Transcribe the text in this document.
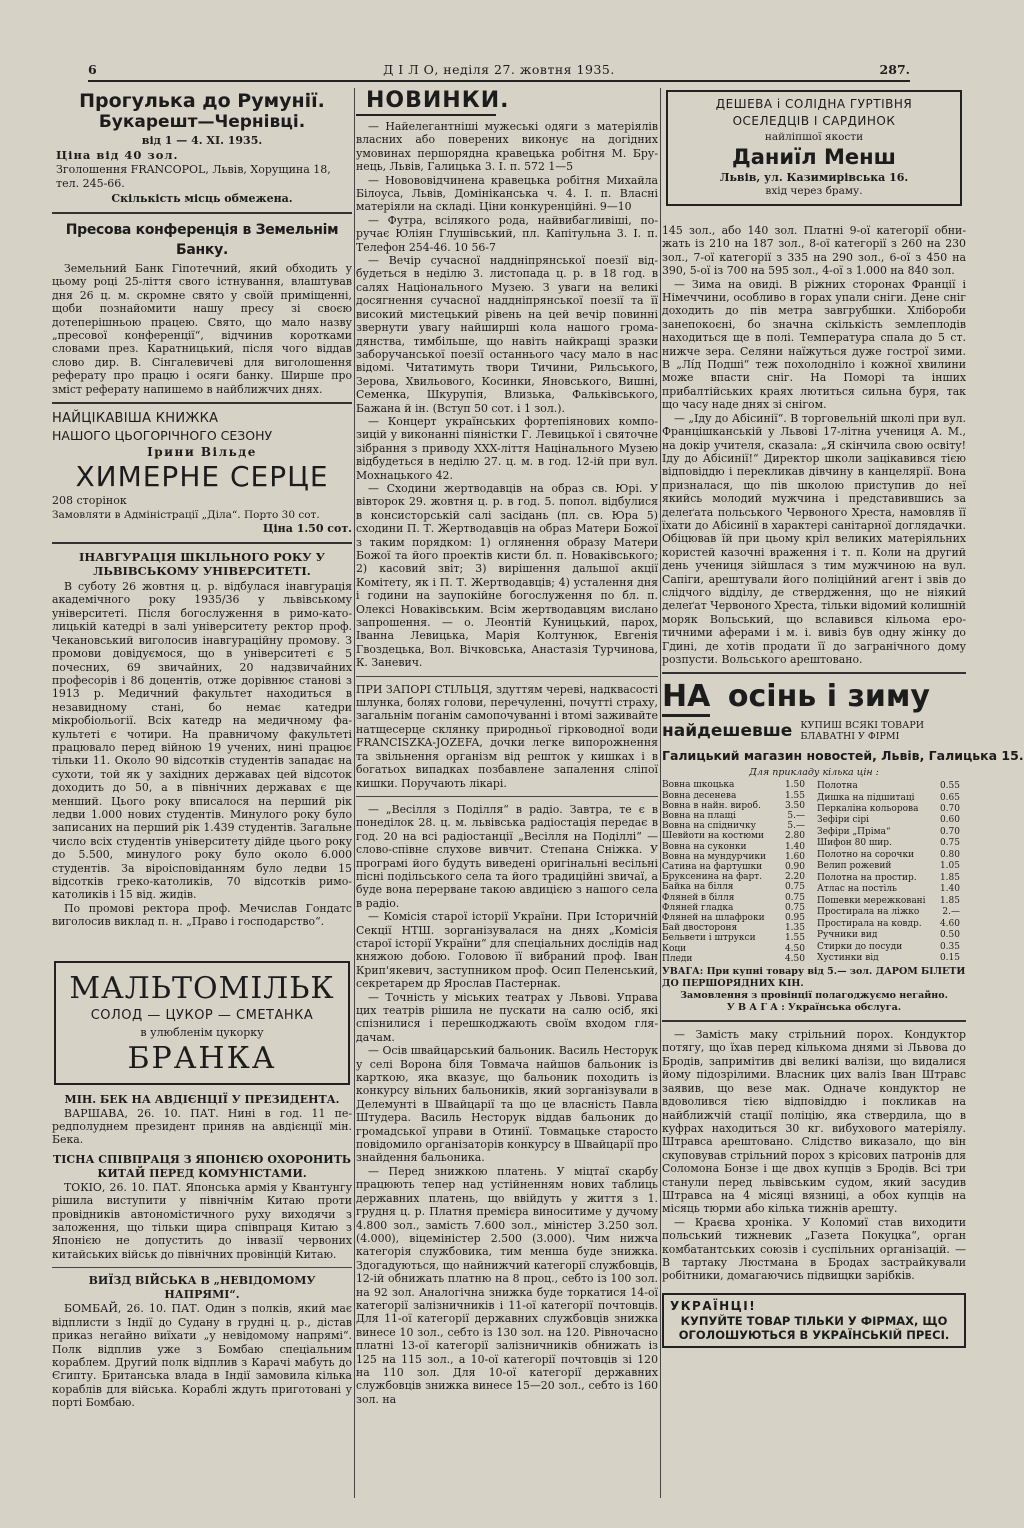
6	Д І Л О, неділя 27. жовтня 1935.	287.
Прогулька до Румунії.
Букарешт—Чернівці.
від 1 — 4. XI. 1935.
Ціна від 40 зол.
Зголошення FRANCOPOL, Львів, Хорущина 18, тел. 245-66.
Скількість місць обмежена.
Пресова конференція в Земельнім Банку.

Земельний Банк Гіпотечний, який обходить у цьому році 25-ліття свого істнування, влаштував дня 26 ц. м. скромне свято у своїй приміщенні, щоби познайомити нашу пресу зі своєю дотеперішньою працею. Свято, що мало назву „пресової конференції“, відчинив коротками словами през. Каратницький, після чого віддав слово дир. В. Сінгалевичеві для виголошення реферату про працю і осяги банку. Ширше про зміст реферату напишемо в найближчих днях.

НАЙЦІКАВІША КНИЖКА
НАШОГО ЦЬОГОРІЧНОГО СЕЗОНУ
Ірини Вільде
ХИМЕРНЕ СЕРЦЕ
208 сторінок
Замовляти в Адміністрації „Діла“. Порто 30 сот.
Ціна 1.50 сот.
ІНАВГУРАЦІЯ ШКІЛЬНОГО РОКУ У ЛЬВІВСЬКОМУ УНІВЕРСИТЕТІ.

В суботу 26 жовтня ц. р. відбулася інавгурація академічного року 1935/36 у львівському університеті. Після богослуження в римо-католицькій катедрі в залі університету ректор проф. Чекановський виголосив інавгураційну промову. З промови довідуємося, що в університеті є 5 почесних, 69 звичайних, 20 надзвичайних професорів і 86 доцентів, отже дорівнює станові з 1913 р. Медичний факультет находиться в незавидному стані, бо немає катедри мікробіольогії. Всіх катедр на медичному факультеті є чотири. На правничому факультеті працювало перед війною 19 учених, нині працює тільки 11. Около 90 відсотків студентів западає на сухоти, той як у західних державах цей відсоток доходить до 50, а в північних державах є ще менший. Цього року вписалося на перший рік ледви 1.000 нових студентів. Минулого року було записаних на перший рік 1.439 студентів. Загальне число всіх студентів університету дійде цього року до 5.500, минулого року було около 6.000 студентів. За віроісповіданням було ледви 15 відсотків греко-католиків, 70 відсотків римо-католиків і 15 від. жидів.

По промові ректора проф. Мечислав Гондатс виголосив виклад п. н. „Право і господарство“.

МАЛЬТОМІЛЬК
СОЛОД — ЦУКОР — СМЕТАНКА
в улюбленім цукорку
БРАНКА
МІН. БЕК НА АВДІЄНЦІЇ У ПРЕЗИДЕНТА.

ВАРШАВА, 26. 10. ПАТ. Нині в год. 11 передполуднем президент приняв на авдієнції мін. Бека.

ТІСНА СПІВПРАЦЯ З ЯПОНІЄЮ ОХОРОНИТЬ КИТАЙ ПЕРЕД КОМУНІСТАМИ.

ТОКІО, 26. 10. ПАТ. Японська армія у Квантунгу рішила виступити у північнім Китаю проти провідників автономістичного руху виходячи з заложення, що тільки щира співпраця Китаю з Японією не допустить до інвазії червоних китайських військ до північних провінцій Китаю.

ВИЇЗД ВІЙСЬКА В „НЕВІДОМОМУ НАПРЯМІ“.

БОМБАЙ, 26. 10. ПАТ. Один з полків, який має відплисти з Індії до Судану в грудні ц. р., дістав приказ негайно виїхати „у невідомому напрямі“. Полк відплив уже з Бомбаю спеціальним кораблем. Другий полк відплив з Карачі мабуть до Єгипту. Британська влада в Індії замовила кілька кораблів для війська. Кораблі ждуть приготовані у порті Бомбаю.

НОВИНКИ.

— Найелегантніші мужеські одяги з матеріялів власних або поверених виконує на догідних умовинах першорядна кравецька робітня М. Брунець, Львів, Галицька 3. І. п. 572 1—5

— Новововідчинена кравецька робітня Михайла Білоуса, Львів, Домініканська ч. 4. І. п. Власні матеріяли на складі. Ціни конкуренційні. 9—10

— Футра, всілякого рода, найвибагливіші, поручає Юліян Глушівський, пл. Капітульна 3. І. п. Телефон 254-46. 10 56-7

— Вечір сучасної наддніпрянської поезії відбудеться в неділю 3. листопада ц. р. в 18 год. в салях Національного Музею. З уваги на великі досягнення сучасної наддніпрянської поезії та її високий мистецький рівень на цей вечір повинні звернути увагу найширші кола нашого громадянства, тимбільше, що навіть найкращі зразки заборучанської поезії останнього часу мало в нас відомі. Читатимуть твори Тичини, Рильського, Зерова, Хвильового, Косинки, Яновського, Вишні, Семенка, Шкурупія, Влизька, Фальківського, Бажана й ін. (Вступ 50 сот. і 1 зол.).

— Концерт українських фортепіянових композицій у виконанні піяністки Г. Левицької і святочне зібрання з приводу XXX-ліття Націнального Музею відбудеться в неділю 27. ц. м. в год. 12-ій при вул. Мохнацького 42.

— Сходини жертводавців на образ св. Юрі. У вівторок 29. жовтня ц. р. в год. 5. попол. відбулися в консисторській салі засідань (пл. св. Юра 5) сходини П. Т. Жертводавців на образ Матери Божої з таким порядком: 1) оглянення образу Матери Божої та його проектів кисти бл. п. Новаківського; 2) касовий звіт; 3) вирішення дальшої акції Комітету, як і П. Т. Жертводавців; 4) усталення дня і години на заупокійне богослуження по бл. п. Олексі Новаківським. Всім жертводавцям вислано запрошення. — о. Леонтій Куницький, парох, Іванна Левицька, Марія Колтунюк, Евгенія Гвоздецька, Вол. Вічковська, Анастазія Турчинова, К. Заневич.

ПРИ ЗАПОРІ СТІЛЬЦЯ, здуттям череві, надквасості шлунка, болях голови, перечуленні, почутті страху, загальнім поганім самопочуванні і втомі заживайте натщесерце склянку природньої гірководної води FRANCISZKA-JOZEFA, дочки легке випорожнення та звільнення організм від решток у кишках і в богатьох випадках позбавлене запалення сліпої кишки. Поручають лікарі.

— „Весілля з Поділля“ в радіо. Завтра, те є в понеділок 28. ц. м. львівська радіостація передає в год. 20 на всі радіостанції „Весілля на Поділлі“ — слово-співне слухове вивчит. Степана Сніжка. У програмі його будуть виведені оригінальні весільні пісні подільського села та його традиційні звичаї, а буде вона перерване такою авдицією з нашого села в радіо.

— Комісія старої історії України. При Історичній Секції НТШ. зорганізувалася на днях „Комісія старої історії України“ для спеціальних дослідів над княжою добою. Головою її вибраний проф. Іван Крип'якевич, заступником проф. Осип Пеленський, секретарем др Ярослав Пастернак.

— Точність у міських театрах у Львові. Управа цих театрів рішила не пускати на салю осіб, які спізнилися і перешкоджають своїм входом глядачам.

— Осів швайцарський бальоник. Василь Несторук у селі Ворона біля Товмача найшов бальоник із карткою, яка вказує, що бальоник походить із конкурсу вільних бальоників, який зорганізували в Делемунті в Швайцарії та що це власність Павла Штудера. Василь Несторук віддав бальоник до громадської управи в Отинії. Товмацьке старосто повідомило організаторів конкурсу в Швайцарії про знайдення бальоника.

— Перед знижкою платень. У міцтаї скарбу працюють тепер над устійненням нових таблиць державних платень, що ввійдуть у життя з 1. грудня ц. р. Платня премієра виноситиме у дучому 4.800 зол., замість 7.600 зол., міністер 3.250 зол. (4.000), віцеміністер 2.500 (3.000). Чим нижча категорія службовика, тим менша буде знижка. Здогадуються, що найнижчий категорії службовців, 12-ій обнижать платню на 8 проц., себто із 100 зол. на 92 зол. Аналогічна знижка буде торкатися 14-ої категорії залізничників і 11-ої категорії почтовців. Для 11-ої категорії державних службовців знижка винесе 10 зол., себто із 130 зол. на 120. Рівночасно платні 13-ої категорії залізничників обнижать із 125 на 115 зол., а 10-ої категорії почтовців зі 120 на 110 зол. Для 10-ої категорії державних службовців знижка винесе 15—20 зол., себто із 160 зол. на

ДЕШЕВА і СОЛІДНА ГУРТІВНЯ
ОСЕЛЕДЦІВ І САРДИНОК
найліпшої якости
Даниїл Менш
Львів, ул. Казимирівська 16.
вхід через браму.

145 зол., або 140 зол. Платні 9-ої категорії обнижать із 210 на 187 зол., 8-ої категорії з 260 на 230 зол., 7-ої категорії з 335 на 290 зол., 6-ої з 450 на 390, 5-ої із 700 на 595 зол., 4-ої з 1.000 на 840 зол.

— Зима на овиді. В ріжних сторонах Франції і Німеччини, особливо в горах упали сніги. Дене сніг доходить до пів метра завгрубшки. Хлібороби занепокоєні, бо значна скількість землеплодів находиться ще в полі. Температура спала до 5 ст. нижче зера. Селяни наїжуться дуже гострої зими. В „Лі́д Подші“ теж похолодніло і кожної хвилини може впасти сніг. На Поморі та інших прибалтійських краях лютиться сильна буря, так що часу наде днях зі снігом.

— „Іду до Абісинії“. В торговельній школі при вул. Францішканській у Львові 17-літна учениця А. М., на докір учителя, сказала: „Я скінчила свою освіту! Іду до Абісинії!“ Директор школи зацікавився тією відповіддю і перекликав дівчину в канцелярії. Вона призналася, що пів школою приступив до неї якийсь молодий мужчина і представившись за делеґата польського Червоного Хреста, намовляв її їхати до Абісинії в характері санітарної доглядачки. Обіцював їй при цьому кріл великих матеріяльних користей казочні враження і т. п. Коли на другий день учениця зійшлася з тим мужчиною на вул. Сапіги, арештували його поліційний агент і звів до слідчого відділу, де ствердження, що не ніякий делеґат Червоного Хреста, тільки відомий колишній моряк Вольський, що вславився кільома еротичними аферами і м. і. вивіз був одну жінку до Гдині, де хотів продати її до загранічного дому розпусти. Вольського арештовано.

НА осінь і зиму
найдешевше КУПИШ ВСЯКІ ТОВАРИ БЛАВАТНІ У ФІРМІ
Галицький магазин новостей, Львів, Галицька 15.
Для прикладу кілька цін :
Вовна шкоцька	1.50
Вовна десенева	1.55
Вовна в найн. вироб.	3.50
Вовна на плащі	5.—
Вовна на спідничку	5.—
Шевйоти на костюми	2.80
Вовна на суконки	1.40
Вовна на мундурчики	1.60
Сатина на фартушки	0.90
Бруксенина на фарт.	2.20
Байка на білля	0.75
Фляней в білля	0.75
Фляней гладка	0.75
Фляней на шлафроки	0.95
Бай двостороня	1.35
Бельвети і штрукси	1.55
Коци	4.50
Пледи	4.50
Полотна	0.55
Дишка на підшитаці	0.65
Перкаліна кольорова	0.70
Зефіри сірі	0.60
Зефіри „Пріма“	0.70
Шифон 80 шир.	0.75
Полотно на сорочки	0.80
Велип рожевий	1.05
Полотна на простир.	1.85
Атлас на постіль	1.40
Пошевки мережковані	1.85
Простирала на ліжко	2.—
Простирала на ковдр.	4.60
Ручники вид	0.50
Стирки до посуди	0.35
Хустинки від	0.15
УВАГА: При купні товару від 5.— зол. ДАРОМ БІЛЕТИ ДО ПЕРШОРЯДНИХ КІН.
Замовлення з провінції полагоджуємо негайно.
У В А Г А : Українська обслуга.

— Замість маку стрільний порох. Кондуктор потягу, що їхав перед кількома днями зі Львова до Бродів, запримітив дві великі валізи, що видалися йому підозрілими. Власник цих валіз Іван Штравс заявив, що везе мак. Одначе кондуктор не вдоволився тією відповіддю і покликав на найближчій стації поліцію, яка ствердила, що в куфрах находиться 30 кг. вибухового матеріялу. Штравса арештовано. Слідство виказало, що він скуповував стрільний порох з крісових патронів для Соломона Бонзе і ще двох купців з Бродів. Всі три станули перед львівським судом, який засудив Штравса на 4 місяці вязниці, а обох купців на місяць тюрми або кілька тижнів арешту.

— Краєва хроніка. У Коломиї став виходити польський тижневик „Газета Покуцка“, орган комбатантських союзів і суспільних організацій. — В тартаку Люстмана в Бродах застрайкували робітники, домагаючись підвищки зарібків.

УКРАЇНЦІ!
КУПУЙТЕ ТОВАР ТІЛЬКИ У ФІРМАХ, ЩО ОГОЛОШУЮТЬСЯ В УКРАЇНСЬКІЙ ПРЕСІ.
